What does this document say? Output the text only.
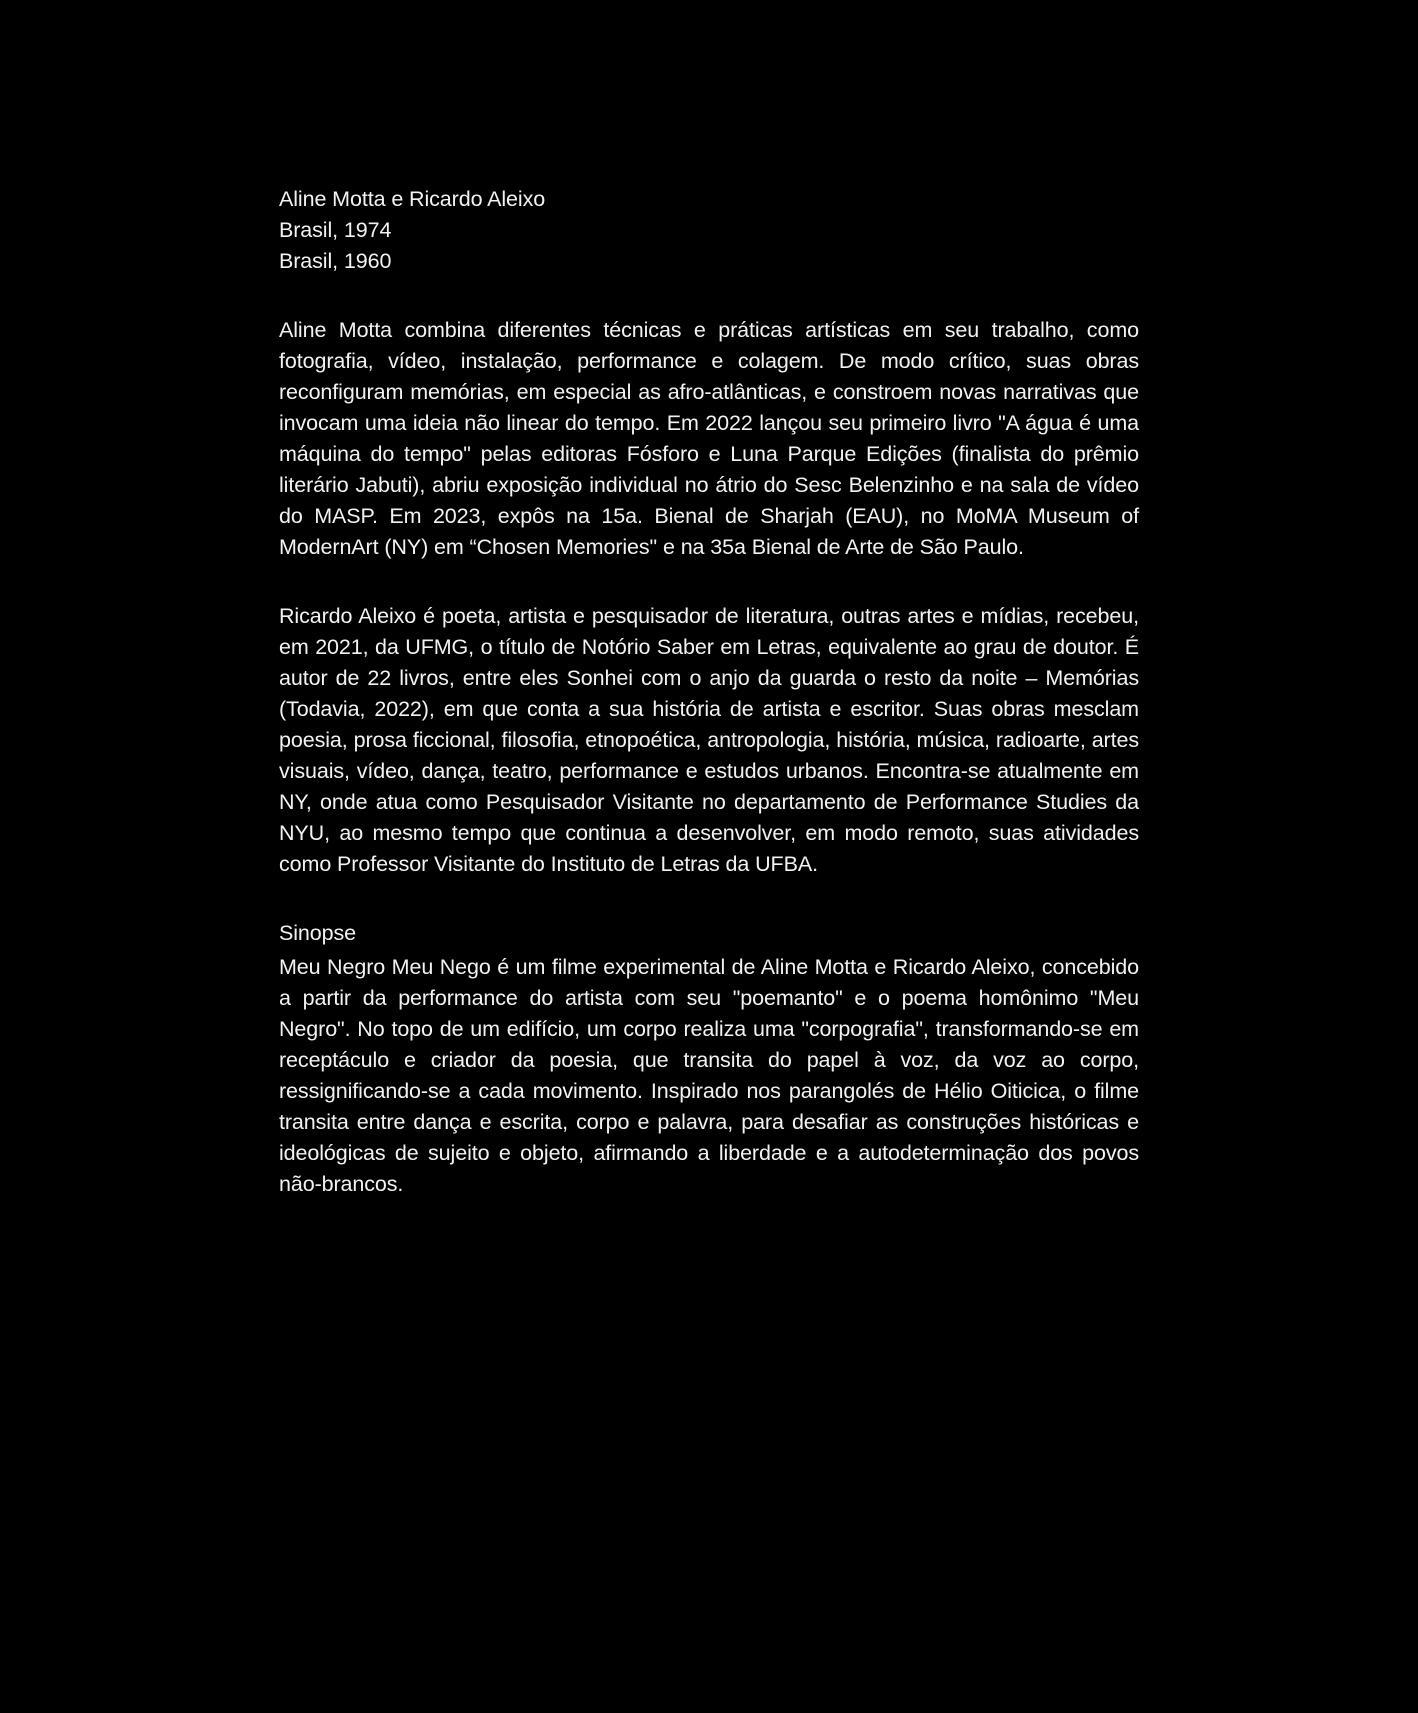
Aline Motta e Ricardo Aleixo

Brasil, 1974

Brasil, 1960

Aline Motta combina diferentes técnicas e práticas artísticas em seu trabalho, como fotografia, vídeo, instalação, performance e colagem. De modo crítico, suas obras reconfiguram memórias, em especial as afro-atlânticas, e constroem novas narrativas que invocam uma ideia não linear do tempo. Em 2022 lançou seu primeiro livro "A água é uma máquina do tempo" pelas editoras Fósforo e Luna Parque Edições (finalista do prêmio literário Jabuti), abriu exposição individual no átrio do Sesc Belenzinho e na sala de vídeo do MASP. Em 2023, expôs na 15a. Bienal de Sharjah (EAU), no MoMA Museum of ModernArt (NY) em “Chosen Memories" e na 35a Bienal de Arte de São Paulo.

Ricardo Aleixo é poeta, artista e pesquisador de literatura, outras artes e mídias, recebeu, em 2021, da UFMG, o título de Notório Saber em Letras, equivalente ao grau de doutor. É autor de 22 livros, entre eles Sonhei com o anjo da guarda o resto da noite – Memórias (Todavia, 2022), em que conta a sua história de artista e escritor. Suas obras mesclam poesia, prosa ficcional, filosofia, etnopoética, antropologia, história, música, radioarte, artes visuais, vídeo, dança, teatro, performance e estudos urbanos. Encontra-se atualmente em NY, onde atua como Pesquisador Visitante no departamento de Performance Studies da NYU, ao mesmo tempo que continua a desenvolver, em modo remoto, suas atividades como Professor Visitante do Instituto de Letras da UFBA.

Sinopse

Meu Negro Meu Nego é um filme experimental de Aline Motta e Ricardo Aleixo, concebido a partir da performance do artista com seu "poemanto" e o poema homônimo "Meu Negro". No topo de um edifício, um corpo realiza uma "corpografia", transformando-se em receptáculo e criador da poesia, que transita do papel à voz, da voz ao corpo, ressignificando-se a cada movimento. Inspirado nos parangolés de Hélio Oiticica, o filme transita entre dança e escrita, corpo e palavra, para desafiar as construções históricas e ideológicas de sujeito e objeto, afirmando a liberdade e a autodeterminação dos povos não-brancos.
